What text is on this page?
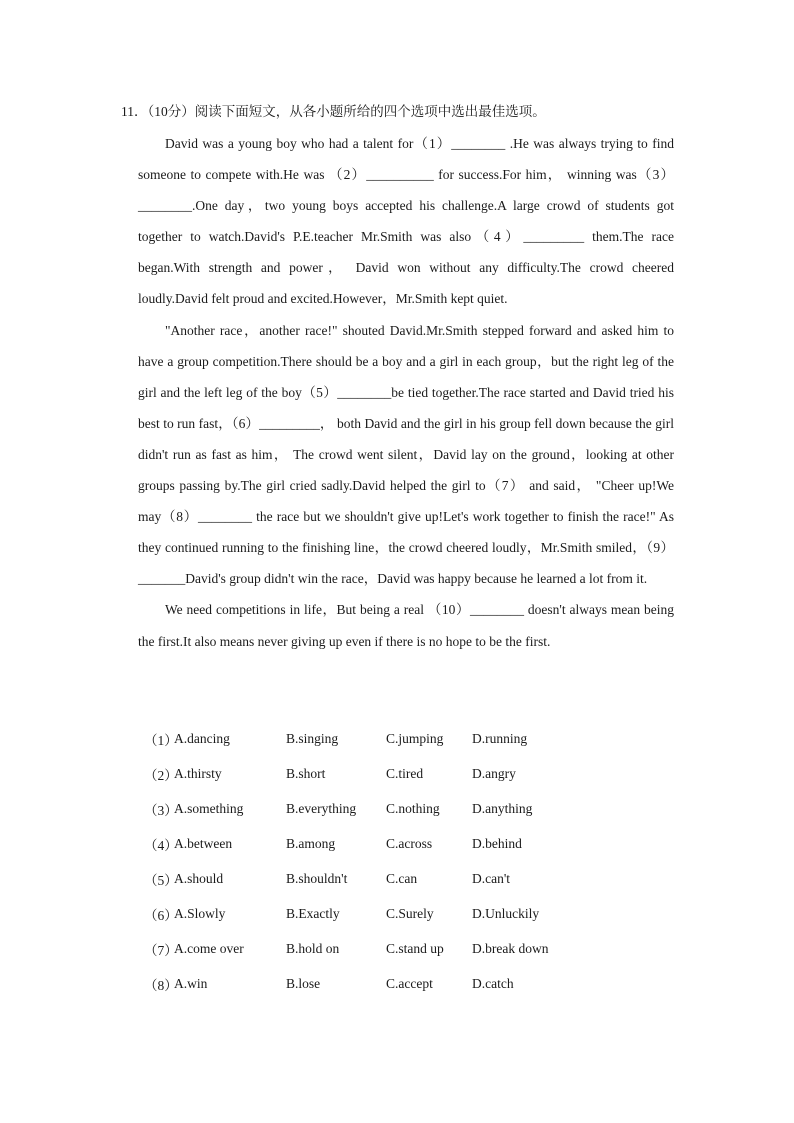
11．（10分）阅读下面短文，从各小题所给的四个选项中选出最佳选项。

David was a young boy who had a talent for（1）________ .He was always trying to find someone to compete with.He was （2）__________ for success.For him， winning was（3）________.One day，two young boys accepted his challenge.A large crowd of students got together to watch.David's P.E.teacher Mr.Smith was also（4）_________ them.The race began.With strength and power， David won without any difficulty.The crowd cheered loudly.David felt proud and excited.However，Mr.Smith kept quiet.

"Another race，another race!" shouted David.Mr.Smith stepped forward and asked him to have a group competition.There should be a boy and a girl in each group，but the right leg of the girl and the left leg of the boy（5）________be tied together.The race started and David tried his best to run fast，（6）_________， both David and the girl in his group fell down because the girl didn't run as fast as him， The crowd went silent，David lay on the ground，looking at other groups passing by.The girl cried sadly.David helped the girl to（7） and said， "Cheer up!We may（8）________ the race but we shouldn't give up!Let's work together to finish the race!" As they continued running to the finishing line，the crowd cheered loudly，Mr.Smith smiled，（9）_______David's group didn't win the race，David was happy because he learned a lot from it.

We need competitions in life，But being a real （10）________ doesn't always mean being the first.It also means never giving up even if there is no hope to be the first.

（1）
A.dancing	B.singing	C.jumping	D.running
（2）
A.thirsty	B.short	C.tired	D.angry
（3）
A.something	B.everything	C.nothing	D.anything
（4）
A.between	B.among	C.across	D.behind
（5）
A.should	B.shouldn't	C.can	D.can't
（6）
A.Slowly	B.Exactly	C.Surely	D.Unluckily
（7）
A.come over	B.hold on	C.stand up	D.break down
（8）
A.win	B.lose	C.accept	D.catch
